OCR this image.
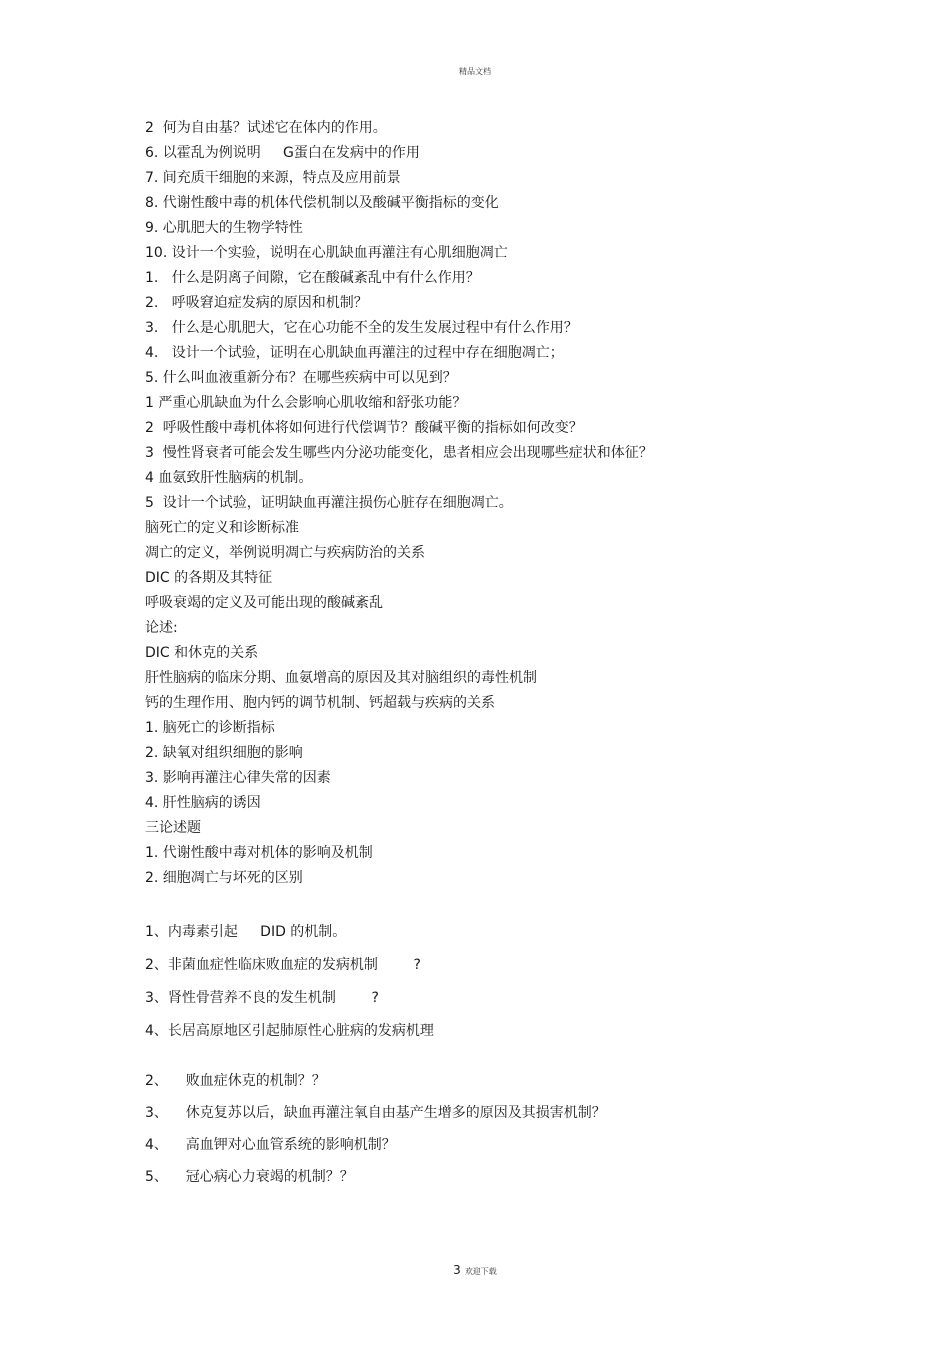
精品文档
2  何为自由基？试述它在体内的作用。
6. 以霍乱为例说明     G蛋白在发病中的作用
7. 间充质干细胞的来源，特点及应用前景
8. 代谢性酸中毒的机体代偿机制以及酸碱平衡指标的变化
9. 心肌肥大的生物学特性
10. 设计一个实验，说明在心肌缺血再灌注有心肌细胞凋亡
1.   什么是阴离子间隙，它在酸碱紊乱中有什么作用？
2.   呼吸窘迫症发病的原因和机制？
3.   什么是心肌肥大，它在心功能不全的发生发展过程中有什么作用？
4.   设计一个试验，证明在心肌缺血再灌注的过程中存在细胞凋亡；
5. 什么叫血液重新分布？在哪些疾病中可以见到？
1 严重心肌缺血为什么会影响心肌收缩和舒张功能？
2  呼吸性酸中毒机体将如何进行代偿调节？酸碱平衡的指标如何改变？
3  慢性肾衰者可能会发生哪些内分泌功能变化，患者相应会出现哪些症状和体征？
4 血氨致肝性脑病的机制。
5  设计一个试验，证明缺血再灌注损伤心脏存在细胞凋亡。
脑死亡的定义和诊断标准
凋亡的定义，举例说明凋亡与疾病防治的关系
DIC 的各期及其特征
呼吸衰竭的定义及可能出现的酸碱紊乱
论述:
DIC 和休克的关系
肝性脑病的临床分期、血氨增高的原因及其对脑组织的毒性机制
钙的生理作用、胞内钙的调节机制、钙超载与疾病的关系
1. 脑死亡的诊断指标
2. 缺氧对组织细胞的影响
3. 影响再灌注心律失常的因素
4. 肝性脑病的诱因
三论述题
1. 代谢性酸中毒对机体的影响及机制
2. 细胞凋亡与坏死的区别
1、内毒素引起     DID 的机制。
2、非菌血症性临床败血症的发病机制        ?
3、肾性骨营养不良的发生机制        ?
4、长居高原地区引起肺原性心脏病的发病机理
2、    败血症休克的机制？？
3、    休克复苏以后，缺血再灌注氧自由基产生增多的原因及其损害机制？
4、    高血钾对心血管系统的影响机制？
5、    冠心病心力衰竭的机制？？
3 欢迎下载
